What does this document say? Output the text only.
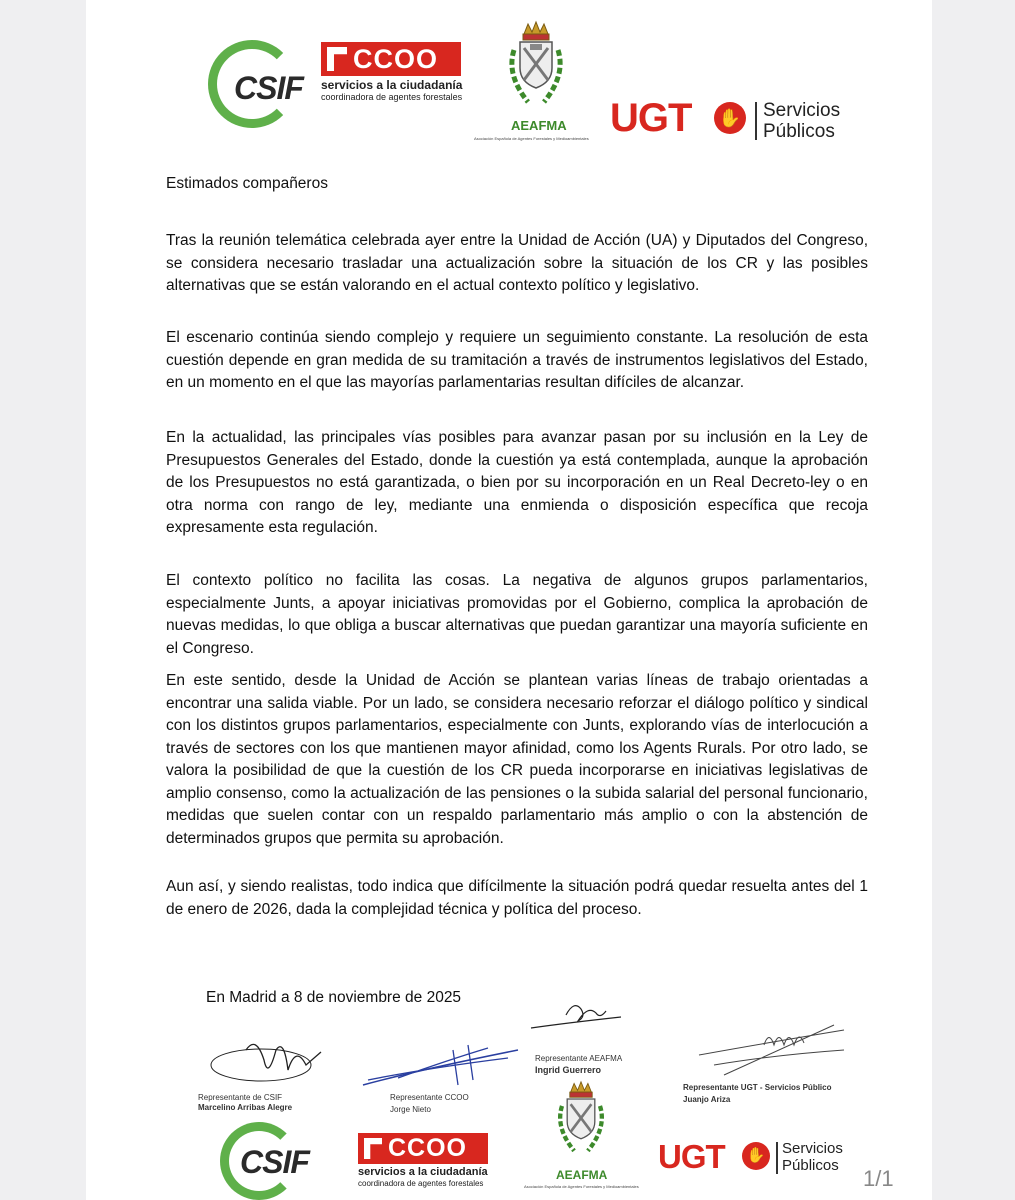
CSIF
CCOO
servicios a la ciudadanía
coordinadora de agentes forestales
AEAFMA
Asociación Española de Agentes Forestales y Medioambientales UGT ✋ Servicios
Públicos
Estimados compañeros
Tras la reunión telemática celebrada ayer entre la Unidad de Acción (UA) y Diputados del Congreso, se considera necesario trasladar una actualización sobre la situación de los CR y las posibles alternativas que se están valorando en el actual contexto político y legislativo.
El escenario continúa siendo complejo y requiere un seguimiento constante. La resolución de esta cuestión depende en gran medida de su tramitación a través de instrumentos legislativos del Estado, en un momento en el que las mayorías parlamentarias resultan difíciles de alcanzar.
En la actualidad, las principales vías posibles para avanzar pasan por su inclusión en la Ley de Presupuestos Generales del Estado, donde la cuestión ya está contemplada, aunque la aprobación de los Presupuestos no está garantizada, o bien por su incorporación en un Real Decreto-ley o en otra norma con rango de ley, mediante una enmienda o disposición específica que recoja expresamente esta regulación.
El contexto político no facilita las cosas. La negativa de algunos grupos parlamentarios, especialmente Junts, a apoyar iniciativas promovidas por el Gobierno, complica la aprobación de nuevas medidas, lo que obliga a buscar alternativas que puedan garantizar una mayoría suficiente en el Congreso.
En este sentido, desde la Unidad de Acción se plantean varias líneas de trabajo orientadas a encontrar una salida viable. Por un lado, se considera necesario reforzar el diálogo político y sindical con los distintos grupos parlamentarios, especialmente con Junts, explorando vías de interlocución a través de sectores con los que mantienen mayor afinidad, como los Agents Rurals. Por otro lado, se valora la posibilidad de que la cuestión de los CR pueda incorporarse en iniciativas legislativas de amplio consenso, como la actualización de las pensiones o la subida salarial del personal funcionario, medidas que suelen contar con un respaldo parlamentario más amplio o con la abstención de determinados grupos que permita su aprobación.
Aun así, y siendo realistas, todo indica que difícilmente la situación podrá quedar resuelta antes del 1 de enero de 2026, dada la complejidad técnica y política del proceso.
En Madrid a 8 de noviembre de 2025
Representante AEAFMA
Ingrid Guerrero
Representante de CSIF
Marcelino Arribas Alegre
Representante CCOO
Jorge Nieto
Representante UGT - Servicios Público
Juanjo Ariza
CSIF	CCOO
servicios a la ciudadanía
coordinadora de agentes forestales
AEAFMA
Asociación Española de Agentes Forestales y Medioambientales
UGT	✋	Servicios
Públicos
1/1
